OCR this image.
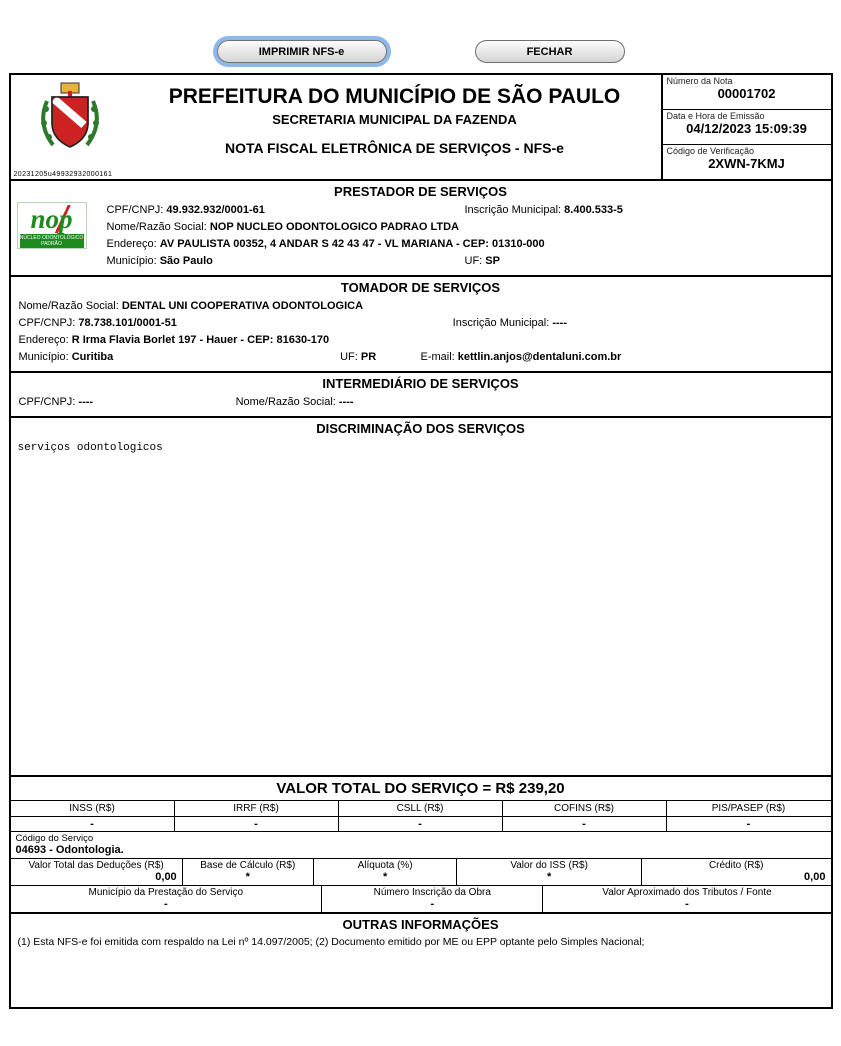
IMPRIMIR NFS-e	FECHAR
20231205u49932932000161
PREFEITURA DO MUNICÍPIO DE SÃO PAULO
SECRETARIA MUNICIPAL DA FAZENDA
NOTA FISCAL ELETRÔNICA DE SERVIÇOS - NFS-e
Número da Nota
00001702
Data e Hora de Emissão
04/12/2023 15:09:39
Código de Verificação
2XWN-7KMJ
PRESTADOR DE SERVIÇOS
nop
NÚCLEO ODONTOLÓGICO PADRÃO
CPF/CNPJ: 49.932.932/0001-61	Inscrição Municipal: 8.400.533-5
Nome/Razão Social: NOP NUCLEO ODONTOLOGICO PADRAO LTDA
Endereço: AV PAULISTA 00352, 4 ANDAR S 42 43 47 - VL MARIANA - CEP: 01310-000
Município: São Paulo	UF: SP
TOMADOR DE SERVIÇOS
Nome/Razão Social: DENTAL UNI COOPERATIVA ODONTOLOGICA
CPF/CNPJ: 78.738.101/0001-51	Inscrição Municipal: ----
Endereço: R Irma Flavia Borlet 197 - Hauer - CEP: 81630-170
Município: Curitiba	UF: PR	E-mail: kettlin.anjos@dentaluni.com.br
INTERMEDIÁRIO DE SERVIÇOS
CPF/CNPJ: ----	Nome/Razão Social: ----
DISCRIMINAÇÃO DOS SERVIÇOS
serviços odontologicos
VALOR TOTAL DO SERVIÇO = R$ 239,20
INSS (R$)	IRRF (R$)	CSLL (R$)	COFINS (R$)	PIS/PASEP (R$)
-	-	-	-	-
Código do Serviço
04693 - Odontologia.
Valor Total das Deduções (R$)	Base de Cálculo (R$)	Alíquota (%)	Valor do ISS (R$)	Crédito (R$)
0,00	*	*	*	0,00
Município da Prestação do Serviço	Número Inscrição da Obra	Valor Aproximado dos Tributos / Fonte
-	-	-
OUTRAS INFORMAÇÕES
(1) Esta NFS-e foi emitida com respaldo na Lei nº 14.097/2005; (2) Documento emitido por ME ou EPP optante pelo Simples Nacional;
